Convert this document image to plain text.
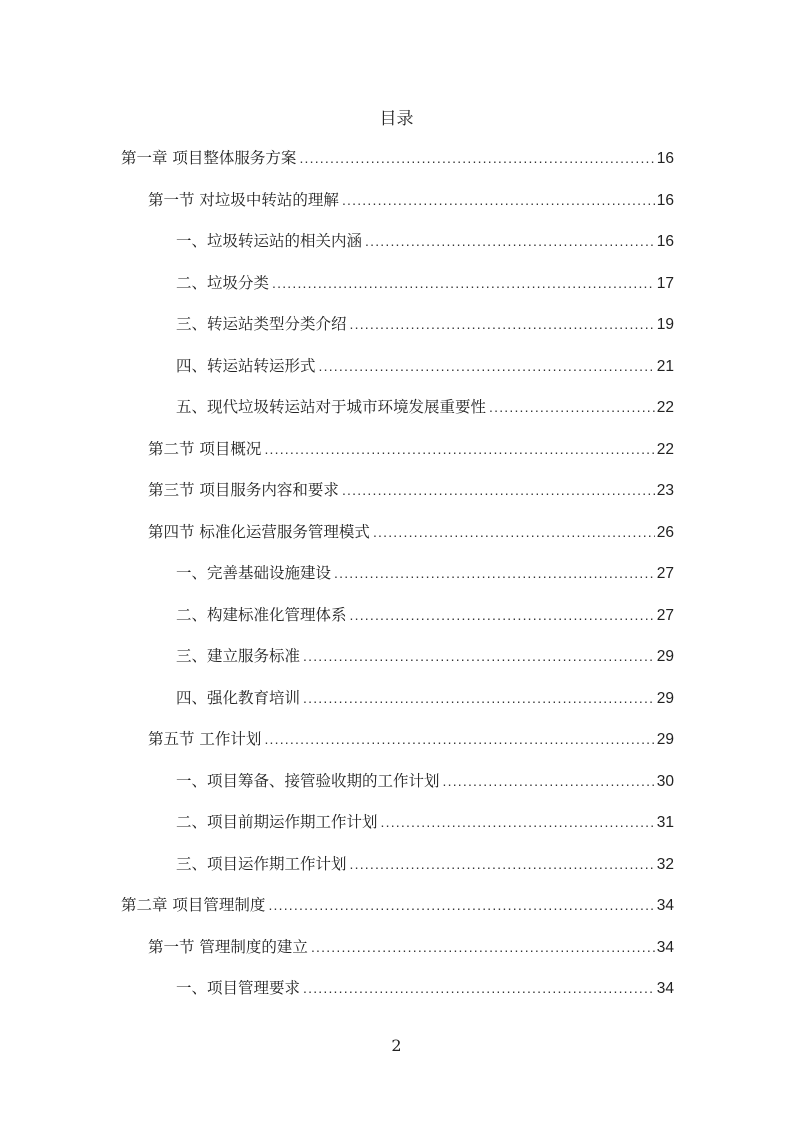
目录
第一章 项目整体服务方案 .....	16
第一节 对垃圾中转站的理解 .....	16
一、垃圾转运站的相关内涵 .....	16
二、垃圾分类 .....	17
三、转运站类型分类介绍 .....	19
四、转运站转运形式 .....	21
五、现代垃圾转运站对于城市环境发展重要性 .....	22
第二节 项目概况 .....	22
第三节 项目服务内容和要求 .....	23
第四节 标准化运营服务管理模式 .....	26
一、完善基础设施建设 .....	27
二、构建标准化管理体系 .....	27
三、建立服务标准 .....	29
四、强化教育培训 .....	29
第五节 工作计划 .....	29
一、项目筹备、接管验收期的工作计划 .....	30
二、项目前期运作期工作计划 .....	31
三、项目运作期工作计划 .....	32
第二章 项目管理制度 .....	34
第一节 管理制度的建立 .....	34
一、项目管理要求 .....	34
2
